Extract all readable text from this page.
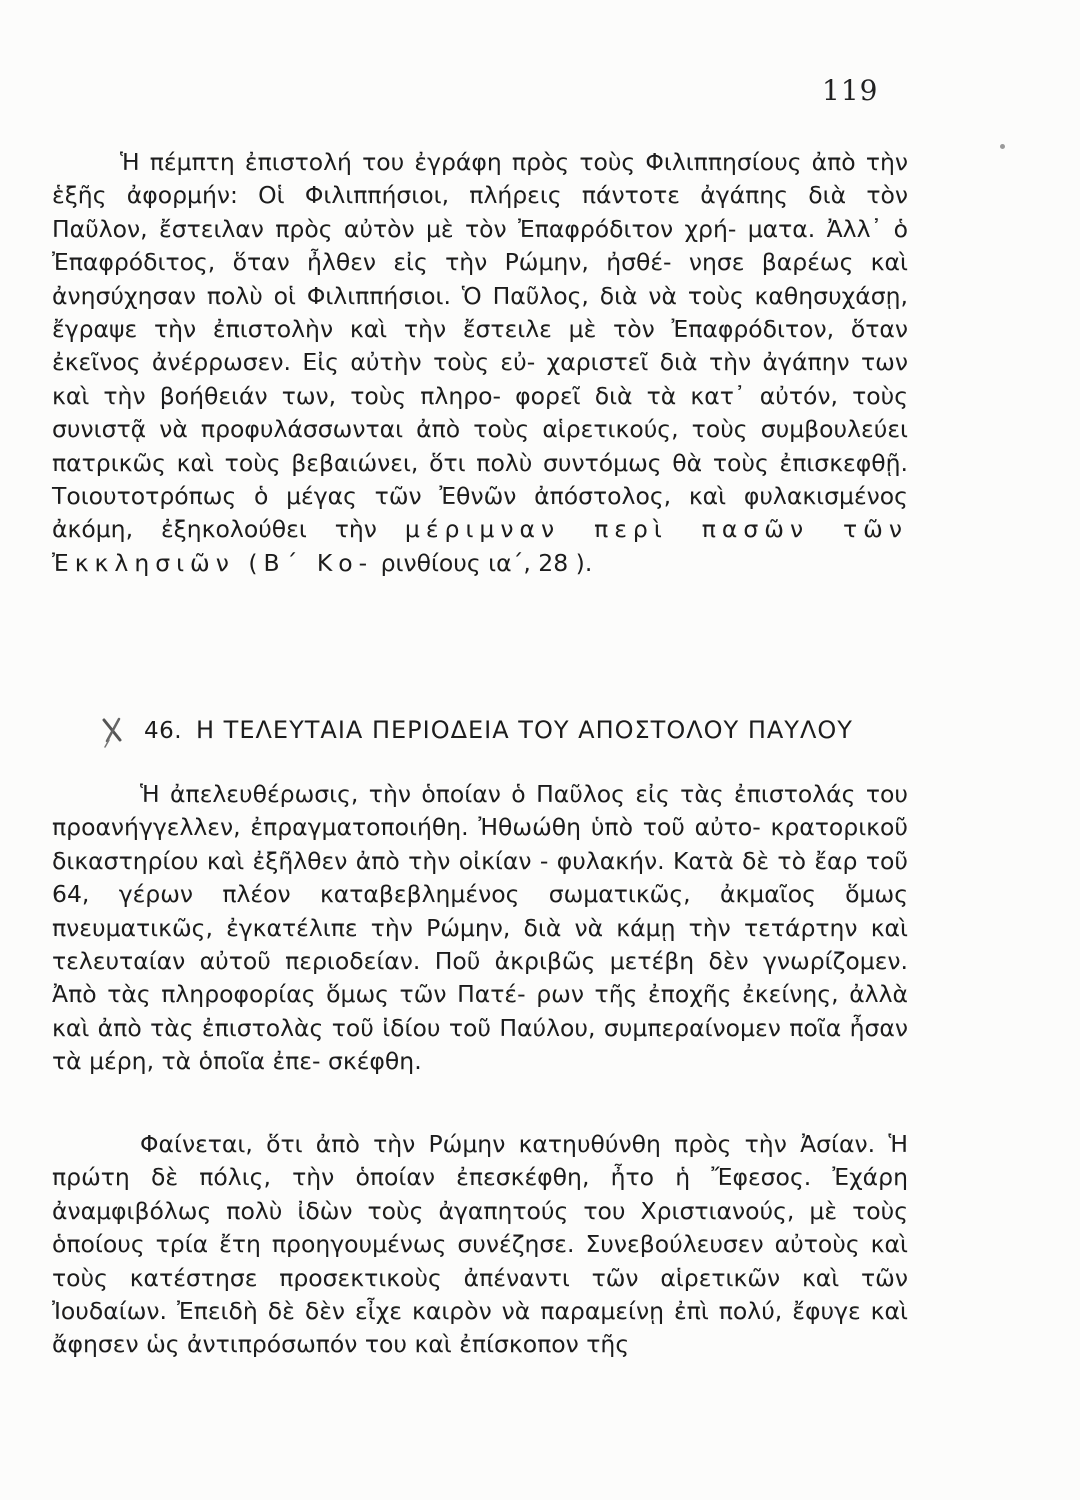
119
Ἡ πέμπτη ἐπιστολή του ἐγράφη πρὸς τοὺς Φιλιππησίους ἀπὸ τὴν ἑξῆς ἀφορμήν: Οἱ Φιλιππήσιοι, πλήρεις πάντοτε ἀγάπης διὰ τὸν Παῦλον, ἔστειλαν πρὸς αὐτὸν μὲ τὸν Ἐπαφρόδιτον χρή- ματα. Ἀλλ᾽ ὁ Ἐπαφρόδιτος, ὅταν ἦλθεν εἰς τὴν Ρώμην, ἠσθέ- νησε βαρέως καὶ ἀνησύχησαν πολὺ οἱ Φιλιππήσιοι. Ὁ Παῦλος, διὰ νὰ τοὺς καθησυχάσῃ, ἔγραψε τὴν ἐπιστολὴν καὶ τὴν ἔστειλε μὲ τὸν Ἐπαφρόδιτον, ὅταν ἐκεῖνος ἀνέρρωσεν. Εἰς αὐτὴν τοὺς εὐ- χαριστεῖ διὰ τὴν ἀγάπην των καὶ τὴν βοήθειάν των, τοὺς πληρο- φορεῖ διὰ τὰ κατ᾽ αὐτόν, τοὺς συνιστᾷ νὰ προφυλάσσωνται ἀπὸ τοὺς αἱρετικούς, τοὺς συμβουλεύει πατρικῶς καὶ τοὺς βεβαιώνει, ὅτι πολὺ συντόμως θὰ τοὺς ἐπισκεφθῇ. Τοιουτοτρόπως ὁ μέγας τῶν Ἐθνῶν ἀπόστολος, καὶ φυλακισμένος ἀκόμη, ἐξηκολούθει τὴν μέριμναν περὶ πασῶν τῶν Ἐκκλησιῶν (Β΄ Κο- ρινθίους ια΄, 28 ).
46. Η ΤΕΛΕΥΤΑΙΑ ΠΕΡΙΟΔΕΙΑ ΤΟΥ ΑΠΟΣΤΟΛΟΥ ΠΑΥΛΟΥ
Ἡ ἀπελευθέρωσις, τὴν ὁποίαν ὁ Παῦλος εἰς τὰς ἐπιστολάς του προανήγγελλεν, ἐπραγματοποιήθη. Ἠθωώθη ὑπὸ τοῦ αὐτο- κρατορικοῦ δικαστηρίου καὶ ἐξῆλθεν ἀπὸ τὴν οἰκίαν - φυλακήν. Κατὰ δὲ τὸ ἔαρ τοῦ 64, γέρων πλέον καταβεβλημένος σωματικῶς, ἀκμαῖος ὅμως πνευματικῶς, ἐγκατέλιπε τὴν Ρώμην, διὰ νὰ κάμῃ τὴν τετάρτην καὶ τελευταίαν αὐτοῦ περιοδείαν. Ποῦ ἀκριβῶς μετέβη δὲν γνωρίζομεν. Ἀπὸ τὰς πληροφορίας ὅμως τῶν Πατέ- ρων τῆς ἐποχῆς ἐκείνης, ἀλλὰ καὶ ἀπὸ τὰς ἐπιστολὰς τοῦ ἰδίου τοῦ Παύλου, συμπεραίνομεν ποῖα ἦσαν τὰ μέρη, τὰ ὁποῖα ἐπε- σκέφθη.
Φαίνεται, ὅτι ἀπὸ τὴν Ρώμην κατηυθύνθη πρὸς τὴν Ἀσίαν. Ἡ πρώτη δὲ πόλις, τὴν ὁποίαν ἐπεσκέφθη, ἦτο ἡ Ἔφεσος. Ἐχάρη ἀναμφιβόλως πολὺ ἰδὼν τοὺς ἀγαπητούς του Χριστιανούς, μὲ τοὺς ὁποίους τρία ἔτη προηγουμένως συνέζησε. Συνεβούλευσεν αὐτοὺς καὶ τοὺς κατέστησε προσεκτικοὺς ἀπέναντι τῶν αἱρετικῶν καὶ τῶν Ἰουδαίων. Ἐπειδὴ δὲ δὲν εἶχε καιρὸν νὰ παραμείνῃ ἐπὶ πολύ, ἔφυγε καὶ ἄφησεν ὡς ἀντιπρόσωπόν του καὶ ἐπίσκοπον τῆς
